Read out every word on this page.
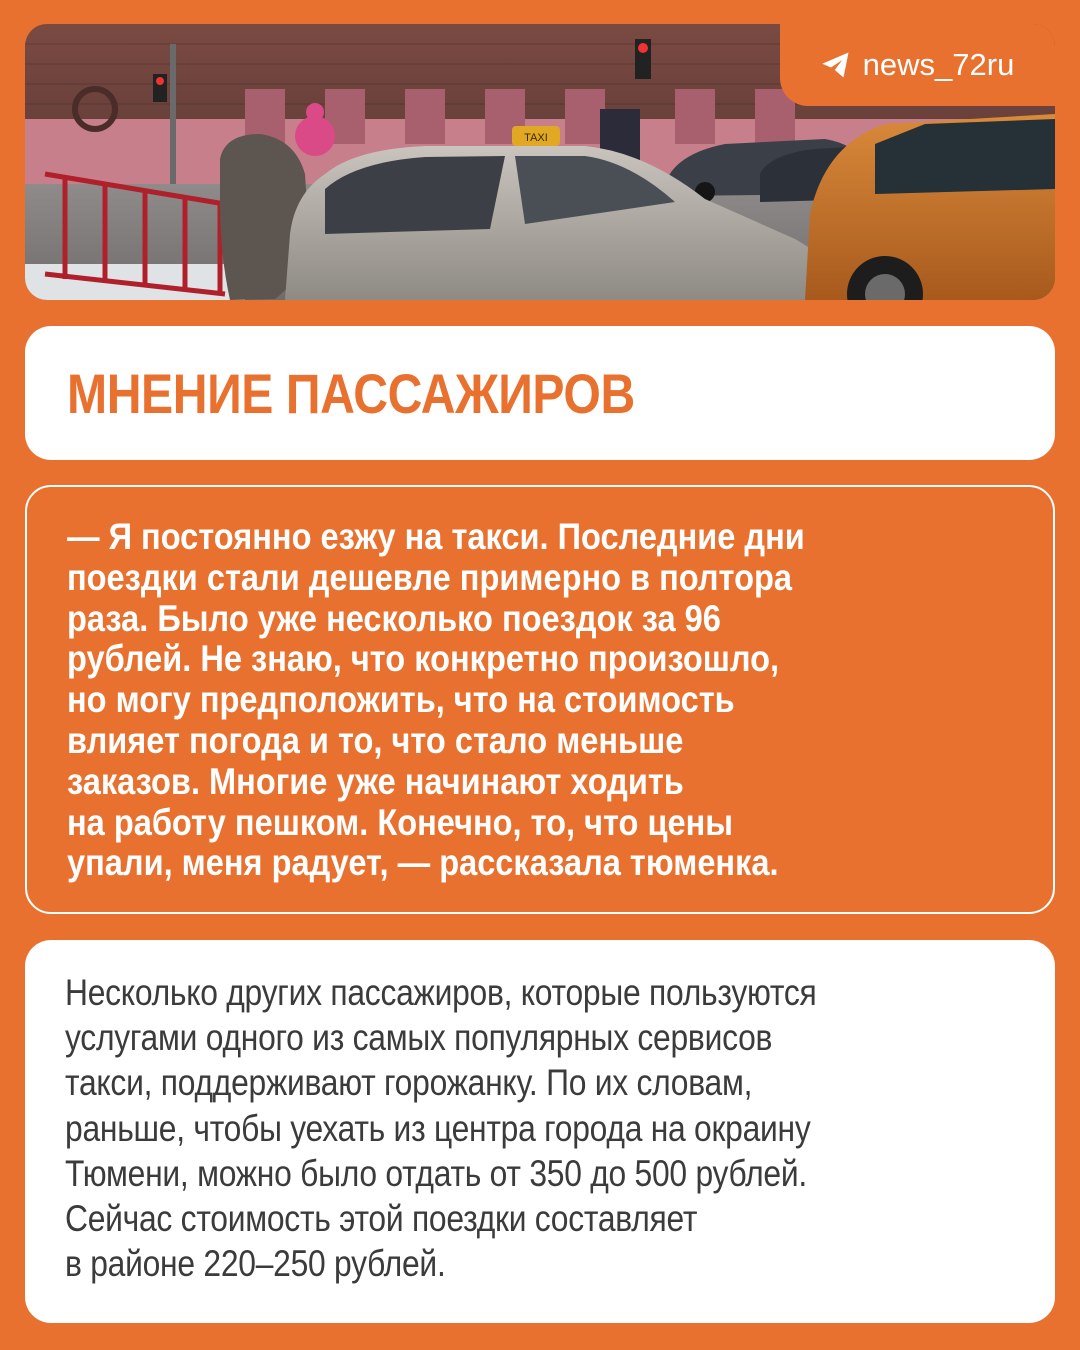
TAXI
news_72ru
МНЕНИЕ ПАССАЖИРОВ

— Я постоянно езжу на такси. Последние дни
поездки стали дешевле примерно в полтора
раза. Было уже несколько поездок за 96
рублей. Не знаю, что конкретно произошло,
но могу предположить, что на стоимость
влияет погода и то, что стало меньше
заказов. Многие уже начинают ходить
на работу пешком. Конечно, то, что цены
упали, меня радует, — рассказала тюменка.

Несколько других пассажиров, которые пользуются
услугами одного из самых популярных сервисов
такси, поддерживают горожанку. По их словам,
раньше, чтобы уехать из центра города на окраину
Тюмени, можно было отдать от 350 до 500 рублей.
Сейчас стоимость этой поездки составляет
в районе 220–250 рублей.
